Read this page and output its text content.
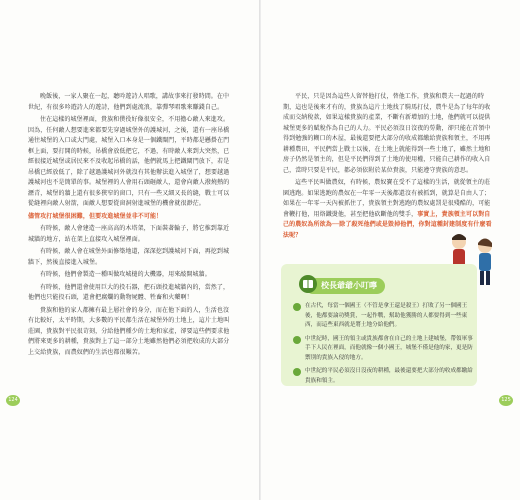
晚飯後，一家人聚在一起，聽吟遊詩人唱歌，講故事來打發時間。在中世紀，有很多吟遊詩人的遊詩，他們到處流浪，靠彈琴唱歌來賺錢自己。

住在這樣的城堡裡面，貴族和僕役好像很安全，不用擔心敵人來進攻。因為，任何敵人想要進來都要先穿過城堡外的護城河，之後，還有一座吊橋通往城堡的入口或大門處，城堡入口本身是一個鐵閘門，平時都是懸掛在門框上面，要打開的時候，吊橋會放低把它，不過，有時敵人來到大突然，已經很接近城堡或居民來不及收起吊橋的話，他們就馬上把鐵閘門放下，若是吊橋已經放低了，除了越過護城河外就沒有其他辦法進入城堡了，想要越過護城河也不是簡單的事。城堡裡的人會用石頭砸敵人，還會向敵人潑燒熱的瀝青，城堡的牆上還有很多狹窄的窗口，只有一些又細又長的縫，戰士可以從縫裡向敵人射箭，面敵人想要從窗洞射進城堡的機會就很渺茫。

儘管攻打城堡很困難，但要攻進城堡並非不可能！

有時候，敵人會建造一座高高的木塔架，下面裝著輪子，將它推到靠近城牆的地方，站在架上直接攻入城堡裡面。

有時候，敵人會在城堡外面修築地道，深深挖到護城河下面，再挖到城牆下，然後直接進入城堡。

有時候，他們會製造一種叫做攻城槌的大機器，用來敲開城牆。

有時候，他們還會使用巨大的投石器，把石頭投進城牆內的，當然了，他們也只能投石頭，還會把腐爛的動物屍體、牲畜和火藥啊！

貴族和他的家人都擁有最上層社會的身分，而在他下面的人，生活也沒有比較好，太平時期，大多數的平民都生活在城堡外的土地上，這片土地叫莊園，貴族對平民很苛刻，分給他們種少的土地和家產，卻要這些們要求他們將來更多的耕種，貴族對上了這一部分土地雖然他們必須把收成的大部分上交給貴族，而農奴們的生活也都很艱苦。

124

平民，只是因為這些人留替他打仗，替他工作，貴族和農夫一起過的時期，這也是後來才有的，貴族為這片土地找了騎馬打仗，農牛是為了每年的收成而交納稅款，如果這樣貴族的產業，不斷有新增加的土地，他們就可以提供城堡更多的賦稅作為自己的人力。平民必須沒日沒夜的勞動，卻只能在首領中得到勉強的糊口的木屋，最後還要把大部分的收成都繳給貴族和領主，不用再耕種農田，平民們當上戰士以後，在土地上就能得到一些土地了，雖然土地和房子仍然是領主的，但是平民們得到了土地的使用權，只能自己耕作的收入自己，當時只要是平民，都必須依附於某位貴族，只能遵守貴族的意思。

這些平民叫做農奴，有時候，農奴寶在受不了這樣的生活，就從領主的莊園逃跑。如果逃跑的農奴在一年零一天後都還沒有被抓到，就算是自由人了；如果在一年零一天內被抓住了，貴族領主對逃跑的農奴處罰是很殘酷的，可能會鞭打他，用烙鐵燙他，甚至把他砍斷他的雙手，事實上，貴族領主可以對自己的農奴為所欲為──除了殺死他們或是毀掉他們，你對這種封建制度有什麼看法呢？

校長爺爺小叮嚀
在古代，每當一個國王（不管是拿王還是殺王）打敗了另一個國王後，他都要論功獎賞，一起作戰，幫助他獲勝的人都要得到一些東西，而這些東西就是將土地分給他們。
中世紀時，國王的領主或貴族都會在自己的土地上建城堡，帶領軍事手下人民在裡面，而他就像一個小國王，城堡不僅是他的家，更是防禦別的貴族入侵的地方。
中世紀的平民必須沒日沒夜的耕種，最後還要把大部分的收成都繳給貴族和領主。
125
